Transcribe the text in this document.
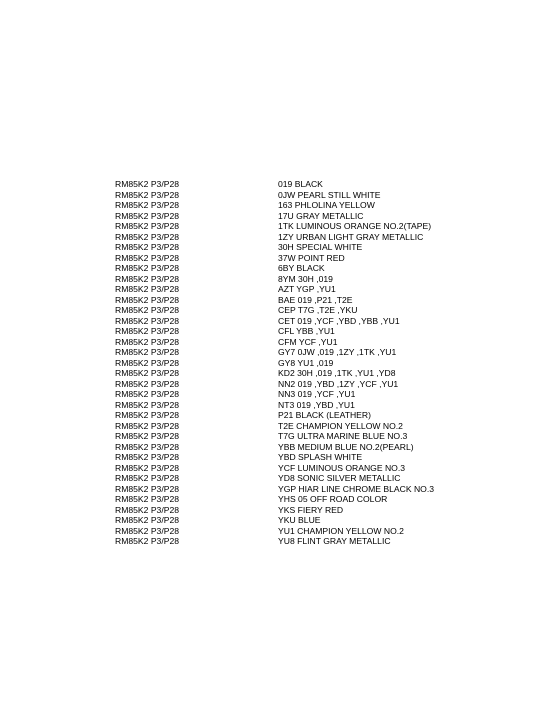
RM85K2 P3/P28	019 BLACK
RM85K2 P3/P28	0JW PEARL STILL WHITE
RM85K2 P3/P28	163 PHLOLINA YELLOW
RM85K2 P3/P28	17U GRAY METALLIC
RM85K2 P3/P28	1TK LUMINOUS ORANGE NO.2(TAPE)
RM85K2 P3/P28	1ZY URBAN LIGHT GRAY METALLIC
RM85K2 P3/P28	30H SPECIAL WHITE
RM85K2 P3/P28	37W POINT RED
RM85K2 P3/P28	6BY BLACK
RM85K2 P3/P28	8YM 30H ,019
RM85K2 P3/P28	AZT YGP ,YU1
RM85K2 P3/P28	BAE 019 ,P21 ,T2E
RM85K2 P3/P28	CEP T7G ,T2E ,YKU
RM85K2 P3/P28	CET 019 ,YCF ,YBD ,YBB ,YU1
RM85K2 P3/P28	CFL YBB ,YU1
RM85K2 P3/P28	CFM YCF ,YU1
RM85K2 P3/P28	GY7 0JW ,019 ,1ZY ,1TK ,YU1
RM85K2 P3/P28	GY8 YU1 ,019
RM85K2 P3/P28	KD2 30H ,019 ,1TK ,YU1 ,YD8
RM85K2 P3/P28	NN2 019 ,YBD ,1ZY ,YCF ,YU1
RM85K2 P3/P28	NN3 019 ,YCF ,YU1
RM85K2 P3/P28	NT3 019 ,YBD ,YU1
RM85K2 P3/P28	P21 BLACK (LEATHER)
RM85K2 P3/P28	T2E CHAMPION YELLOW NO.2
RM85K2 P3/P28	T7G ULTRA MARINE BLUE NO.3
RM85K2 P3/P28	YBB MEDIUM BLUE NO.2(PEARL)
RM85K2 P3/P28	YBD SPLASH WHITE
RM85K2 P3/P28	YCF LUMINOUS ORANGE NO.3
RM85K2 P3/P28	YD8 SONIC SILVER METALLIC
RM85K2 P3/P28	YGP HIAR LINE CHROME BLACK NO.3
RM85K2 P3/P28	YHS 05 OFF ROAD COLOR
RM85K2 P3/P28	YKS FIERY RED
RM85K2 P3/P28	YKU BLUE
RM85K2 P3/P28	YU1 CHAMPION YELLOW NO.2
RM85K2 P3/P28	YU8 FLINT GRAY METALLIC
